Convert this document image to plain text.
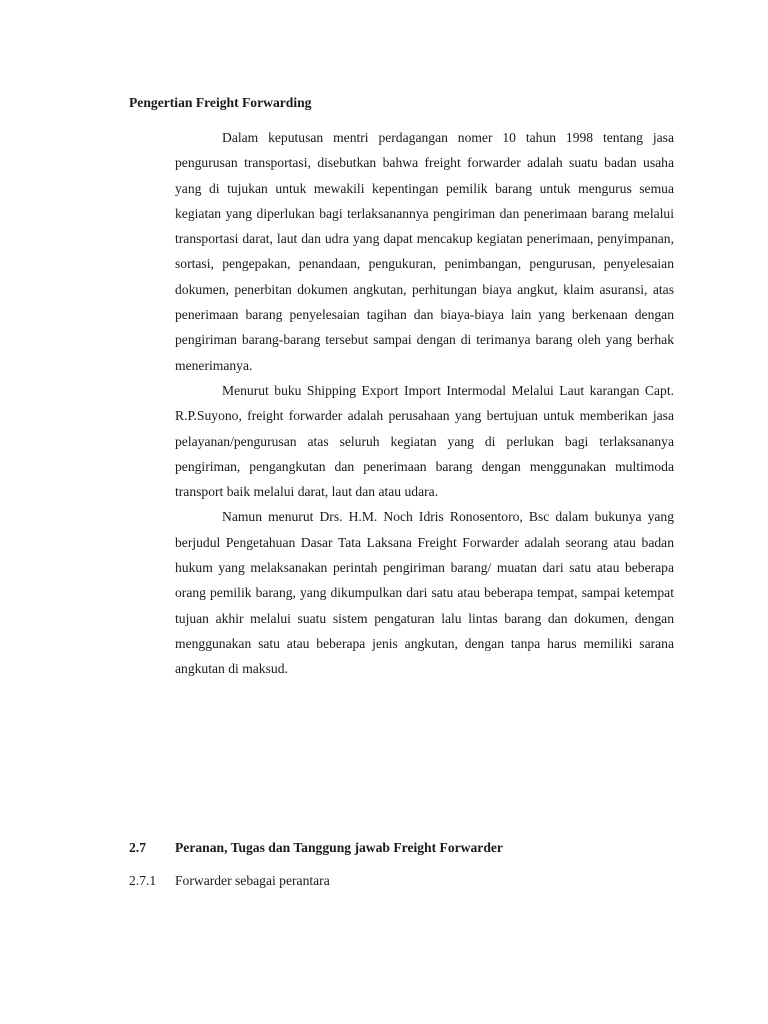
Pengertian Freight Forwarding

Dalam keputusan mentri perdagangan nomer 10 tahun 1998 tentang jasa pengurusan transportasi, disebutkan bahwa freight forwarder adalah suatu badan usaha yang di tujukan untuk mewakili kepentingan pemilik barang untuk mengurus semua kegiatan yang diperlukan bagi terlaksanannya pengiriman dan penerimaan barang melalui transportasi darat, laut dan udra yang dapat mencakup kegiatan penerimaan, penyimpanan, sortasi, pengepakan, penandaan, pengukuran, penimbangan, pengurusan, penyelesaian dokumen, penerbitan dokumen angkutan, perhitungan biaya angkut, klaim asuransi, atas penerimaan barang penyelesaian tagihan dan biaya-biaya lain yang berkenaan dengan pengiriman barang-barang tersebut sampai dengan di terimanya barang oleh yang berhak menerimanya.

Menurut buku Shipping Export Import Intermodal Melalui Laut karangan Capt. R.P.Suyono, freight forwarder adalah perusahaan yang bertujuan untuk memberikan jasa pelayanan/pengurusan atas seluruh kegiatan yang di perlukan bagi terlaksananya pengiriman, pengangkutan dan penerimaan barang dengan menggunakan multimoda transport baik melalui darat, laut dan atau udara.

Namun menurut Drs. H.M. Noch Idris Ronosentoro, Bsc dalam bukunya yang berjudul Pengetahuan Dasar Tata Laksana Freight Forwarder adalah seorang atau badan hukum yang melaksanakan perintah pengiriman barang/ muatan dari satu atau beberapa orang pemilik barang, yang dikumpulkan dari satu atau beberapa tempat, sampai ketempat tujuan akhir melalui suatu sistem pengaturan lalu lintas barang dan dokumen, dengan menggunakan satu atau beberapa jenis angkutan, dengan tanpa harus memiliki sarana angkutan di maksud.

2.7 Peranan, Tugas dan Tanggung jawab Freight Forwarder
2.7.1 Forwarder sebagai perantara
